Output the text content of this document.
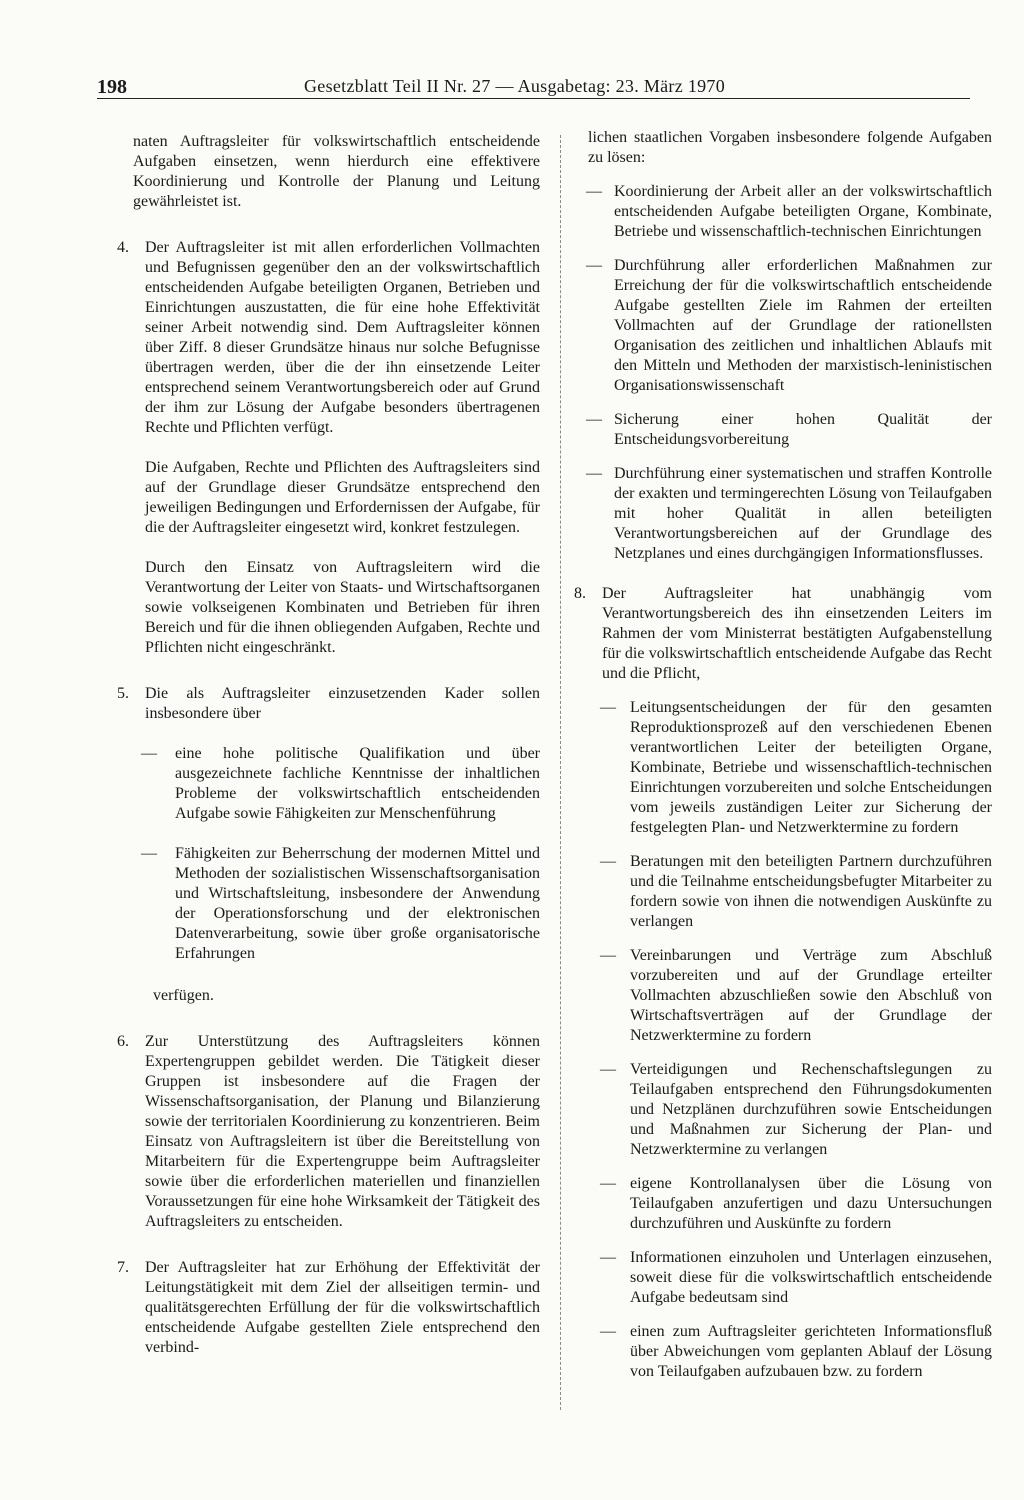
198	Gesetzblatt Teil II Nr. 27 — Ausgabetag: 23. März 1970

naten Auftragsleiter für volkswirtschaftlich entscheidende Aufgaben einsetzen, wenn hierdurch eine effektivere Koordinierung und Kontrolle der Planung und Leitung gewährleistet ist.

4. Der Auftragsleiter ist mit allen erforderlichen Vollmachten und Befugnissen gegenüber den an der volkswirtschaftlich entscheidenden Aufgabe beteiligten Organen, Betrieben und Einrichtungen auszustatten, die für eine hohe Effektivität seiner Arbeit notwendig sind. Dem Auftragsleiter können über Ziff. 8 dieser Grundsätze hinaus nur solche Befugnisse übertragen werden, über die der ihn einsetzende Leiter entsprechend seinem Verantwortungsbereich oder auf Grund der ihm zur Lösung der Aufgabe besonders übertragenen Rechte und Pflichten verfügt.

Die Aufgaben, Rechte und Pflichten des Auftragsleiters sind auf der Grundlage dieser Grundsätze entsprechend den jeweiligen Bedingungen und Erfordernissen der Aufgabe, für die der Auftragsleiter eingesetzt wird, konkret festzulegen.

Durch den Einsatz von Auftragsleitern wird die Verantwortung der Leiter von Staats- und Wirtschaftsorganen sowie volkseigenen Kombinaten und Betrieben für ihren Bereich und für die ihnen obliegenden Aufgaben, Rechte und Pflichten nicht eingeschränkt.

5. Die als Auftragsleiter einzusetzenden Kader sollen insbesondere über

— eine hohe politische Qualifikation und über ausgezeichnete fachliche Kenntnisse der inhaltlichen Probleme der volkswirtschaftlich entscheidenden Aufgabe sowie Fähigkeiten zur Menschenführung
— Fähigkeiten zur Beherrschung der modernen Mittel und Methoden der sozialistischen Wissenschaftsorganisation und Wirtschaftsleitung, insbesondere der Anwendung der Operationsforschung und der elektronischen Datenverarbeitung, sowie über große organisatorische Erfahrungen

verfügen.

6. Zur Unterstützung des Auftragsleiters können Expertengruppen gebildet werden. Die Tätigkeit dieser Gruppen ist insbesondere auf die Fragen der Wissenschaftsorganisation, der Planung und Bilanzierung sowie der territorialen Koordinierung zu konzentrieren. Beim Einsatz von Auftragsleitern ist über die Bereitstellung von Mitarbeitern für die Expertengruppe beim Auftragsleiter sowie über die erforderlichen materiellen und finanziellen Voraussetzungen für eine hohe Wirksamkeit der Tätigkeit des Auftragsleiters zu entscheiden.

7. Der Auftragsleiter hat zur Erhöhung der Effektivität der Leitungstätigkeit mit dem Ziel der allseitigen termin- und qualitätsgerechten Erfüllung der für die volkswirtschaftlich entscheidende Aufgabe gestellten Ziele entsprechend den verbind-

lichen staatlichen Vorgaben insbesondere folgende Aufgaben zu lösen:

— Koordinierung der Arbeit aller an der volkswirtschaftlich entscheidenden Aufgabe beteiligten Organe, Kombinate, Betriebe und wissenschaftlich-technischen Einrichtungen
— Durchführung aller erforderlichen Maßnahmen zur Erreichung der für die volkswirtschaftlich entscheidende Aufgabe gestellten Ziele im Rahmen der erteilten Vollmachten auf der Grundlage der rationellsten Organisation des zeitlichen und inhaltlichen Ablaufs mit den Mitteln und Methoden der marxistisch-leninistischen Organisationswissenschaft
— Sicherung einer hohen Qualität der Entscheidungsvorbereitung
— Durchführung einer systematischen und straffen Kontrolle der exakten und termingerechten Lösung von Teilaufgaben mit hoher Qualität in allen beteiligten Verantwortungsbereichen auf der Grundlage des Netzplanes und eines durchgängigen Informationsflusses.
8. Der Auftragsleiter hat unabhängig vom Verantwortungsbereich des ihn einsetzenden Leiters im Rahmen der vom Ministerrat bestätigten Aufgabenstellung für die volkswirtschaftlich entscheidende Aufgabe das Recht und die Pflicht,

— Leitungsentscheidungen der für den gesamten Reproduktionsprozeß auf den verschiedenen Ebenen verantwortlichen Leiter der beteiligten Organe, Kombinate, Betriebe und wissenschaftlich-technischen Einrichtungen vorzubereiten und solche Entscheidungen vom jeweils zuständigen Leiter zur Sicherung der festgelegten Plan- und Netzwerktermine zu fordern
— Beratungen mit den beteiligten Partnern durchzuführen und die Teilnahme entscheidungsbefugter Mitarbeiter zu fordern sowie von ihnen die notwendigen Auskünfte zu verlangen
— Vereinbarungen und Verträge zum Abschluß vorzubereiten und auf der Grundlage erteilter Vollmachten abzuschließen sowie den Abschluß von Wirtschaftsverträgen auf der Grundlage der Netzwerktermine zu fordern
— Verteidigungen und Rechenschaftslegungen zu Teilaufgaben entsprechend den Führungsdokumenten und Netzplänen durchzuführen sowie Entscheidungen und Maßnahmen zur Sicherung der Plan- und Netzwerktermine zu verlangen
— eigene Kontrollanalysen über die Lösung von Teilaufgaben anzufertigen und dazu Untersuchungen durchzuführen und Auskünfte zu fordern
— Informationen einzuholen und Unterlagen einzusehen, soweit diese für die volkswirtschaftlich entscheidende Aufgabe bedeutsam sind
— einen zum Auftragsleiter gerichteten Informationsfluß über Abweichungen vom geplanten Ablauf der Lösung von Teilaufgaben aufzubauen bzw. zu fordern
